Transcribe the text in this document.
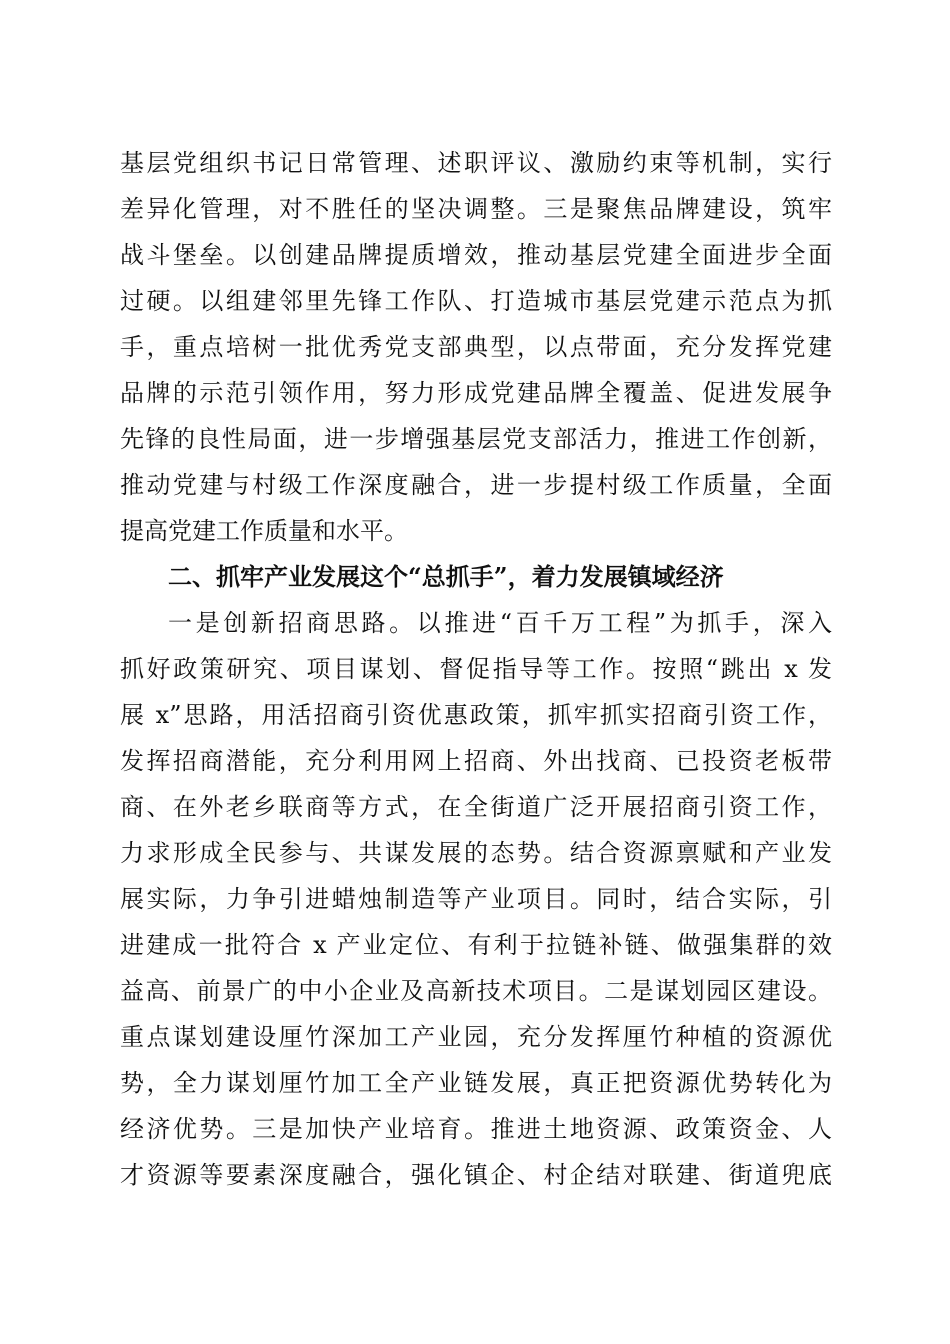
基层党组织书记日常管理、述职评议、激励约束等机制，实行
差异化管理，对不胜任的坚决调整。三是聚焦品牌建设，筑牢
战斗堡垒。以创建品牌提质增效，推动基层党建全面进步全面
过硬。以组建邻里先锋工作队、打造城市基层党建示范点为抓
手，重点培树一批优秀党支部典型，以点带面，充分发挥党建
品牌的示范引领作用，努力形成党建品牌全覆盖、促进发展争
先锋的良性局面，进一步增强基层党支部活力，推进工作创新，
推动党建与村级工作深度融合，进一步提村级工作质量，全面
提高党建工作质量和水平。
二、抓牢产业发展这个“总抓手”，着力发展镇域经济
一是创新招商思路。以推进“百千万工程”为抓手，深入
抓好政策研究、项目谋划、督促指导等工作。按照“跳出 x 发
展 x”思路，用活招商引资优惠政策，抓牢抓实招商引资工作，
发挥招商潜能，充分利用网上招商、外出找商、已投资老板带
商、在外老乡联商等方式，在全街道广泛开展招商引资工作，
力求形成全民参与、共谋发展的态势。结合资源禀赋和产业发
展实际，力争引进蜡烛制造等产业项目。同时，结合实际，引
进建成一批符合 x 产业定位、有利于拉链补链、做强集群的效
益高、前景广的中小企业及高新技术项目。二是谋划园区建设。
重点谋划建设厘竹深加工产业园，充分发挥厘竹种植的资源优
势，全力谋划厘竹加工全产业链发展，真正把资源优势转化为
经济优势。三是加快产业培育。推进土地资源、政策资金、人
才资源等要素深度融合，强化镇企、村企结对联建、街道兜底
